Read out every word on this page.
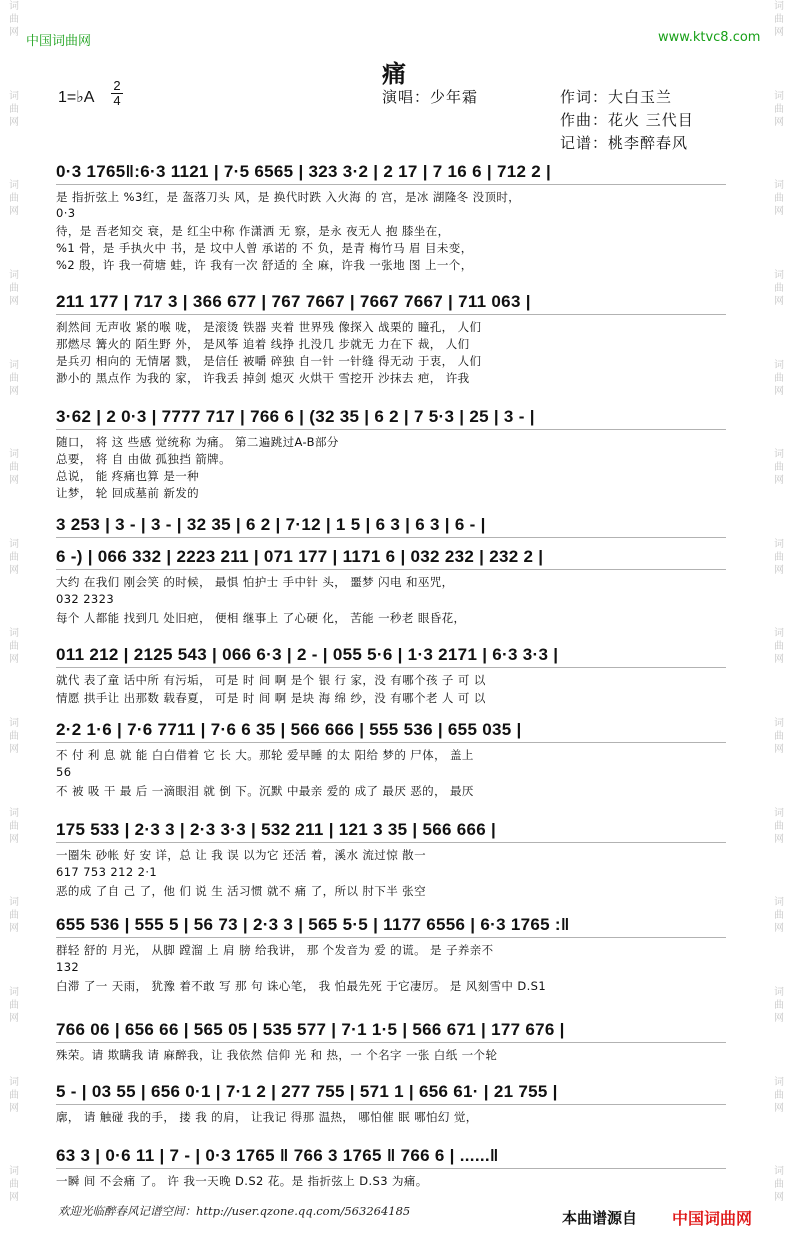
词
曲
网
词
曲
网
词
曲
网
词
曲
网
词
曲
网
词
曲
网
词
曲
网
词
曲
网
词
曲
网
词
曲
网
词
曲
网
词
曲
网
词
曲
网
词
曲
网
词
曲
网
词
曲
网
词
曲
网
词
曲
网
词
曲
网
词
曲
网
词
曲
网
词
曲
网
词
曲
网
词
曲
网
词
曲
网
词
曲
网
词
曲
网
词
曲
网
中国词曲网	www.ktvc8.com
痛
1=♭A
2
4	演唱：少年霜	作词：大白玉兰
作曲：花火 三代目
记谱：桃李醉春风
0·3 1765‖:6·3 1121 | 7·5 6565 | 323 3·2 | 2 17 | 7 16 6 | 712 2 |
是 指折弦上 %3红，是 盔落刀头 风，是 换代时跌 入火海 的 宫，是冰 湖隆冬 没顶时，
0·3
待，是 吾老知交 衰，是 红尘中称 作潇洒 无 察，是永 夜无人 抱 膝坐在，
%1 骨，是 手执火中 书，是 坟中人曾 承诺的 不 负，是青 梅竹马 眉 目未变，
%2 殷，许 我一荷塘 蛙，许 我有一次 舒适的 全 麻，许我 一张地 图 上一个，
211 177 | 717 3 | 366 677 | 767 7667 | 7667 7667 | 711 063 |
刹然间 无声收 紧的喉 咙， 是滚烫 铁器 夹着 世界残 像探入 战栗的 瞳孔， 人们
那燃尽 篝火的 陌生野 外， 是风筝 追着 线挣 扎没几 步就无 力在下 裁， 人们
是兵刃 相向的 无情屠 戮， 是信任 被嚼 碎独 自一针 一针缝 得无动 于衷， 人们
渺小的 黑点作 为我的 家， 许我丢 掉剑 熄灭 火烘干 雪挖开 沙抹去 疤， 许我
3·62 | 2 0·3 | 7777 717 | 766 6 | (32 35 | 6 2 | 7 5·3 | 25 | 3 - |
随口， 将 这 些感 觉统称 为痛。 第二遍跳过A-B部分
总要， 将 自 由做 孤独挡 箭牌。
总说， 能 疼痛也算 是一种
让梦， 轮 回成墓前 新发的
3 253 | 3 - | 3 - | 32 35 | 6 2 | 7·12 | 1 5 | 6 3 | 6 3 | 6 - |
6 -) | 066 332 | 2223 211 | 071 177 | 1171 6 | 032 232 | 232 2 |
大约 在我们 刚会笑 的时候， 最惧 怕护士 手中针 头， 噩梦 闪电 和巫咒，
032 2323
每个 人都能 找到几 处旧疤， 便相 继事上 了心硬 化， 苦能 一秒老 眼昏花，
011 212 | 2125 543 | 066 6·3 | 2 - | 055 5·6 | 1·3 2171 | 6·3 3·3 |
就代 表了童 话中所 有污垢， 可是 时 间 啊 是个 银 行 家，没 有哪个孩 子 可 以
情愿 拱手让 出那数 载春夏， 可是 时 间 啊 是块 海 绵 纱，没 有哪个老 人 可 以
2·2 1·6 | 7·6 7711 | 7·6 6 35 | 566 666 | 555 536 | 655 035 |
不 付 利 息 就 能 白白借着 它 长 大。那轮 爱早睡 的太 阳给 梦的 尸体， 盖上
56
不 被 吸 干 最 后 一滴眼泪 就 倒 下。沉默 中最亲 爱的 成了 最厌 恶的， 最厌
175 533 | 2·3 3 | 2·3 3·3 | 532 211 | 121 3 35 | 566 666 |
一圈朱 砂帐 好 安 详，总 让 我 误 以为它 还活 着，溪水 流过惊 散一
617 753 212 2·1
恶的成 了自 己 了，他 们 说 生 活习惯 就不 痛 了，所以 肘下半 张空
655 536 | 555 5 | 56 73 | 2·3 3 | 565 5·5 | 1177 6556 | 6·3 1765 :‖
群轻 舒的 月光， 从脚 蹚溜 上 肩 膀 给我讲， 那 个发音为 爱 的谎。 是 子养亲不
132
白滞 了一 天雨， 犹豫 着不敢 写 那 句 诛心笔， 我 怕最先死 于它凄厉。 是 风刻雪中 D.S1
766 06 | 656 66 | 565 05 | 535 577 | 7·1 1·5 | 566 671 | 177 676 |
殊荣。请 欺瞒我 请 麻醉我，让 我依然 信仰 光 和 热，一 个名字 一张 白纸 一个轮
5 - | 03 55 | 656 0·1 | 7·1 2 | 277 755 | 571 1 | 656 61· | 21 755 |
廓， 请 触碰 我的手， 搂 我 的肩， 让我记 得那 温热， 哪怕催 眠 哪怕幻 觉，
63 3 | 0·6 11 | 7 - | 0·3 1765 ‖ 766 3 1765 ‖ 766 6 | ......‖
一瞬 间 不会痛 了。 许 我一天晚 D.S2 花。是 指折弦上 D.S3 为痛。
欢迎光临醉春风记谱空间：http://user.qzone.qq.com/563264185	本曲谱源自 中国词曲网
